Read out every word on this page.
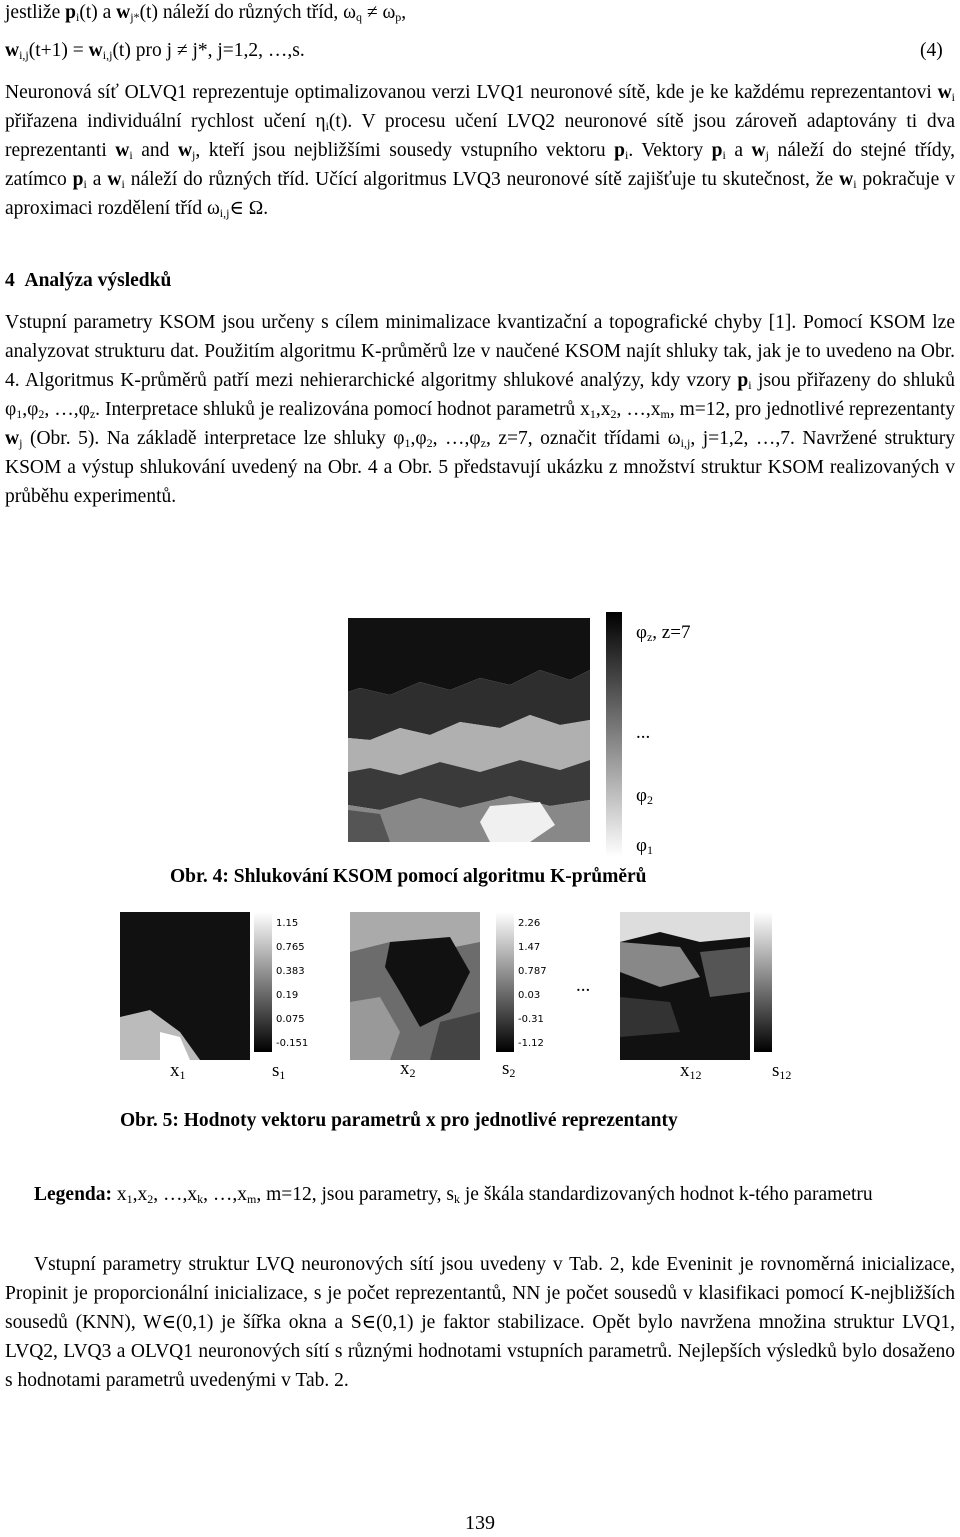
jestliže $p_i(t)$ a $w_{j*}(t)$ náleží do různých tříd, $\omega_q \ne \omega_p$,
$w_{i,j}(t+1) = w_{i,j}(t)$ pro j ≠ j*, j=1,2, …,s.	(4)
Neuronová síť OLVQ1 reprezentuje optimalizovanou verzi LVQ1 neuronové sítě, kde je ke každému reprezentantovi $w_i$ přiřazena individuální rychlost učení $\eta_i(t)$. V procesu učení LVQ2 neuronové sítě jsou zároveň adaptovány ti dva reprezentanti $w_i$ and $w_j$, kteří jsou nejbližšími sousedy vstupního vektoru $p_i$. Vektory $p_i$ a $w_j$ náleží do stejné třídy, zatímco $p_i$ a $w_i$ náleží do různých tříd. Učící algoritmus LVQ3 neuronové sítě zajišťuje tu skutečnost, že $w_i$ pokračuje v aproximaci rozdělení tříd $\omega_{i,j}\in$ Ω.
4 Analýza výsledků
Vstupní parametry KSOM jsou určeny s cílem minimalizace kvantizační a topografické chyby [1]. Pomocí KSOM lze analyzovat strukturu dat. Použitím algoritmu K-průměrů lze v naučené KSOM najít shluky tak, jak je to uvedeno na Obr. 4. Algoritmus K-průměrů patří mezi nehierarchické algoritmy shlukové analýzy, kdy vzory $p_i$ jsou přiřazeny do shluků $\varphi_1,\varphi_2$, $\dots,\varphi_z$. Interpretace shluků je realizována pomocí hodnot parametrů $x_1,x_2$, $\dots,x_m$, m=12, pro jednotlivé reprezentanty $w_j$ (Obr. 5). Na základě interpretace lze shluky $\varphi_1,\varphi_2$, $\dots,\varphi_z$, z=7, označit třídami $\omega_{i,j}$, j=1,2, …,7. Navržené struktury KSOM a výstup shlukování uvedený na Obr. 4 a Obr. 5 představují ukázku z množství struktur KSOM realizovaných v průběhu experimentů.
$\varphi_z$, z=7
...
$\varphi_2$
$\varphi_1$
Obr. 4: Shlukování KSOM pomocí algoritmu K-průměrů
1.15
0.765
0.383
0.19
0.075
-0.151
2.26
1.47
0.787
0.03
-0.31
-1.12
...
$x_1$	$s_1$	$x_2$	$s_2$	$x_{12}$	$s_{12}$
Obr. 5: Hodnoty vektoru parametrů x pro jednotlivé reprezentanty
Legenda: $x_1,x_2$, $\dots,x_k$, $\dots,x_m$, m=12, jsou parametry, $s_k$ je škála standardizovaných hodnot k-tého parametru
Vstupní parametry struktur LVQ neuronových sítí jsou uvedeny v Tab. 2, kde Eveninit je rovnoměrná inicializace, Propinit je proporcionální inicializace, s je počet reprezentantů, NN je počet sousedů v klasifikaci pomocí K-nejbližších sousedů (KNN), W∈(0,1) je šířka okna a S∈(0,1) je faktor stabilizace. Opět bylo navržena množina struktur LVQ1, LVQ2, LVQ3 a OLVQ1 neuronových sítí s různými hodnotami vstupních parametrů. Nejlepších výsledků bylo dosaženo s hodnotami parametrů uvedenými v Tab. 2.
139
